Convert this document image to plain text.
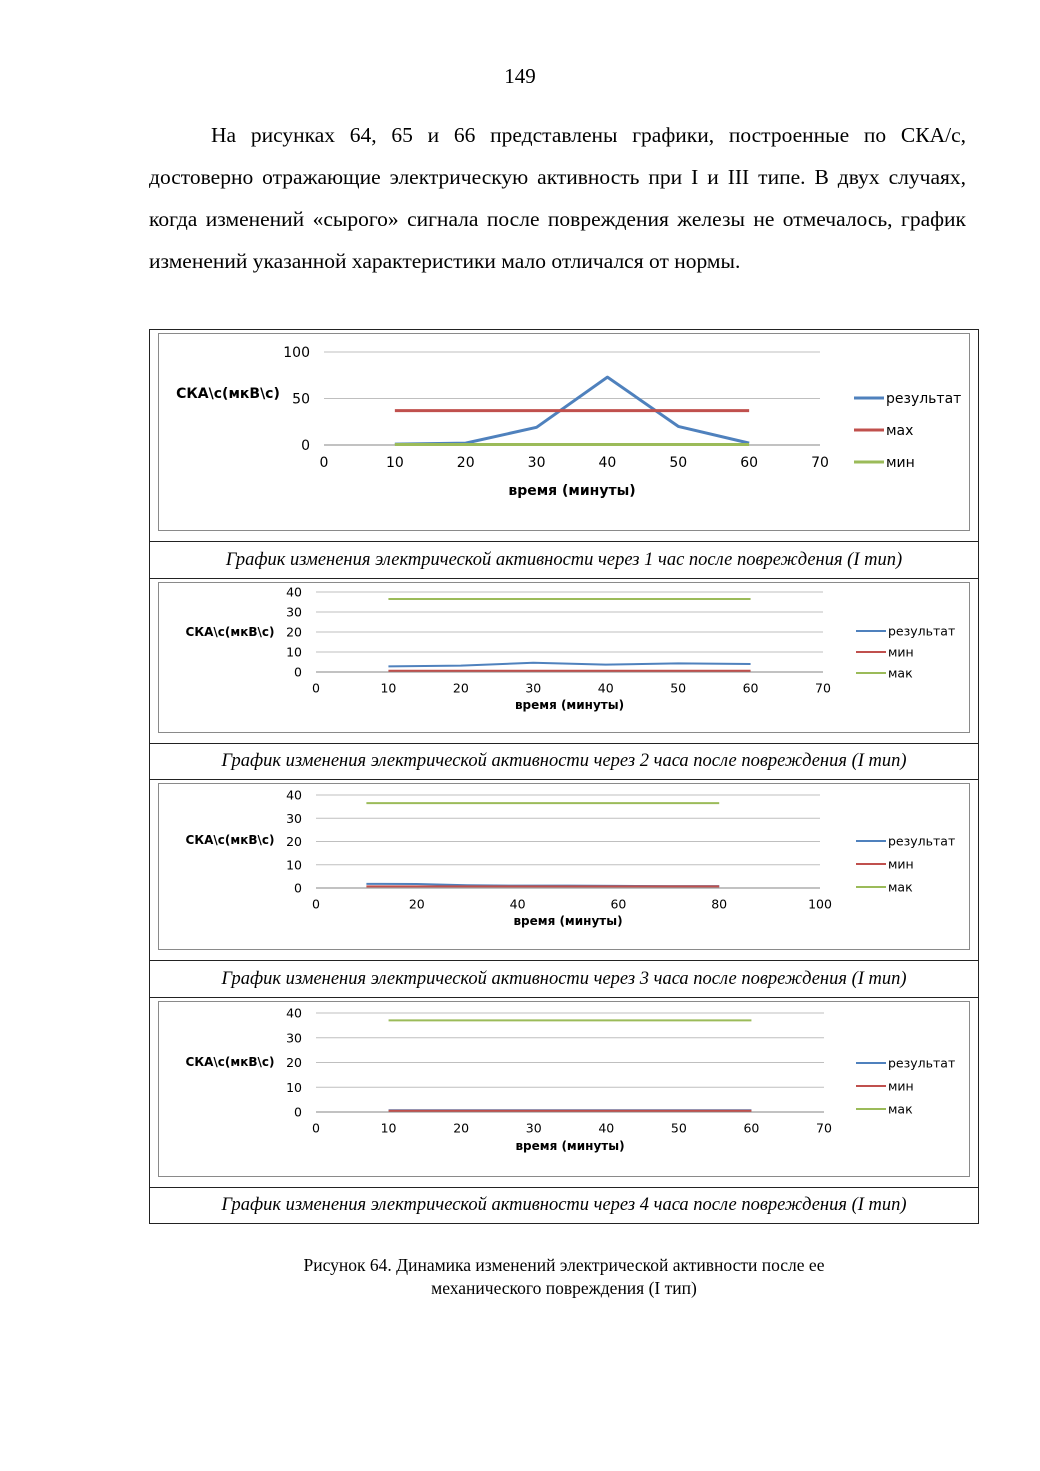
149

На рисунках 64, 65 и 66 представлены графики, построенные по СКА/с, достоверно отражающие электрическую активность при I и III типе. В двух случаях, когда изменений «сырого» сигнала после повреждения железы не отмечалось, график изменений указанной характеристики мало отличался от нормы.

0
50
100
0	10	20	30	40	50	60	70
время (минуты)
СКА\с(мкВ\с)	результат
мах
мин
График изменения электрической активности через 1 час после повреждения (I тип)
0
10
20
30
40
0	10	20	30	40	50	60	70
время (минуты)
СКА\с(мкВ\с)	результат
мин
мак
График изменения электрической активности через 2 часа после повреждения (I тип)
0
10
20
30
40
0	20	40	60	80	100
время (минуты)
СКА\с(мкВ\с)	результат
мин
мак
График изменения электрической активности через 3 часа после повреждения (I тип)
0
10
20
30
40
0	10	20	30	40	50	60	70
время (минуты)
СКА\с(мкВ\с)	результат
мин
мак
График изменения электрической активности через 4 часа после повреждения (I тип)
Рисунок 64. Динамика изменений электрической активности после ее
механического повреждения (I тип)
